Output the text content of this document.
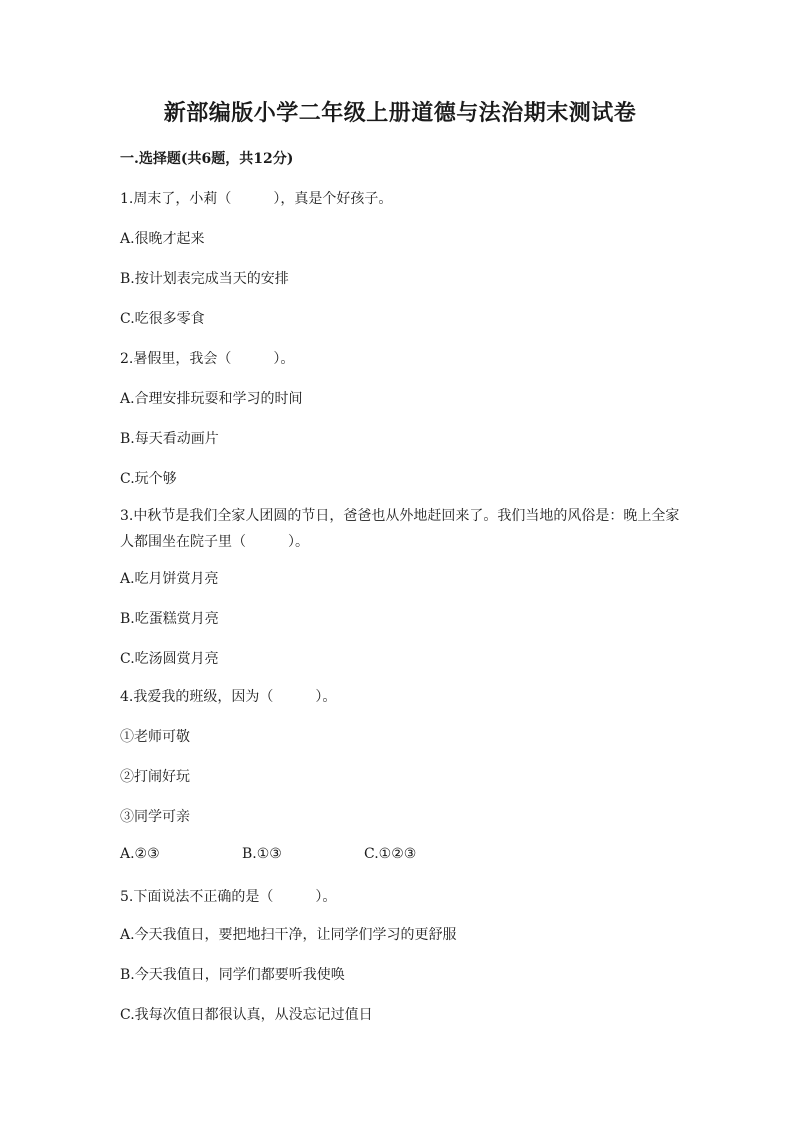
新部编版小学二年级上册道德与法治期末测试卷
一.选择题(共6题，共12分)
1.周末了，小莉（　　　），真是个好孩子。
A.很晚才起来
B.按计划表完成当天的安排
C.吃很多零食
2.暑假里，我会（　　　）。
A.合理安排玩耍和学习的时间
B.每天看动画片
C.玩个够
3.中秋节是我们全家人团圆的节日，爸爸也从外地赶回来了。我们当地的风俗是：晚上全家人都围坐在院子里（　　　）。
A.吃月饼赏月亮
B.吃蛋糕赏月亮
C.吃汤圆赏月亮
4.我爱我的班级，因为（　　　）。
①老师可敬
②打闹好玩
③同学可亲
A.②③	B.①③	C.①②③
5.下面说法不正确的是（　　　）。
A.今天我值日，要把地扫干净，让同学们学习的更舒服
B.今天我值日，同学们都要听我使唤
C.我每次值日都很认真，从没忘记过值日
